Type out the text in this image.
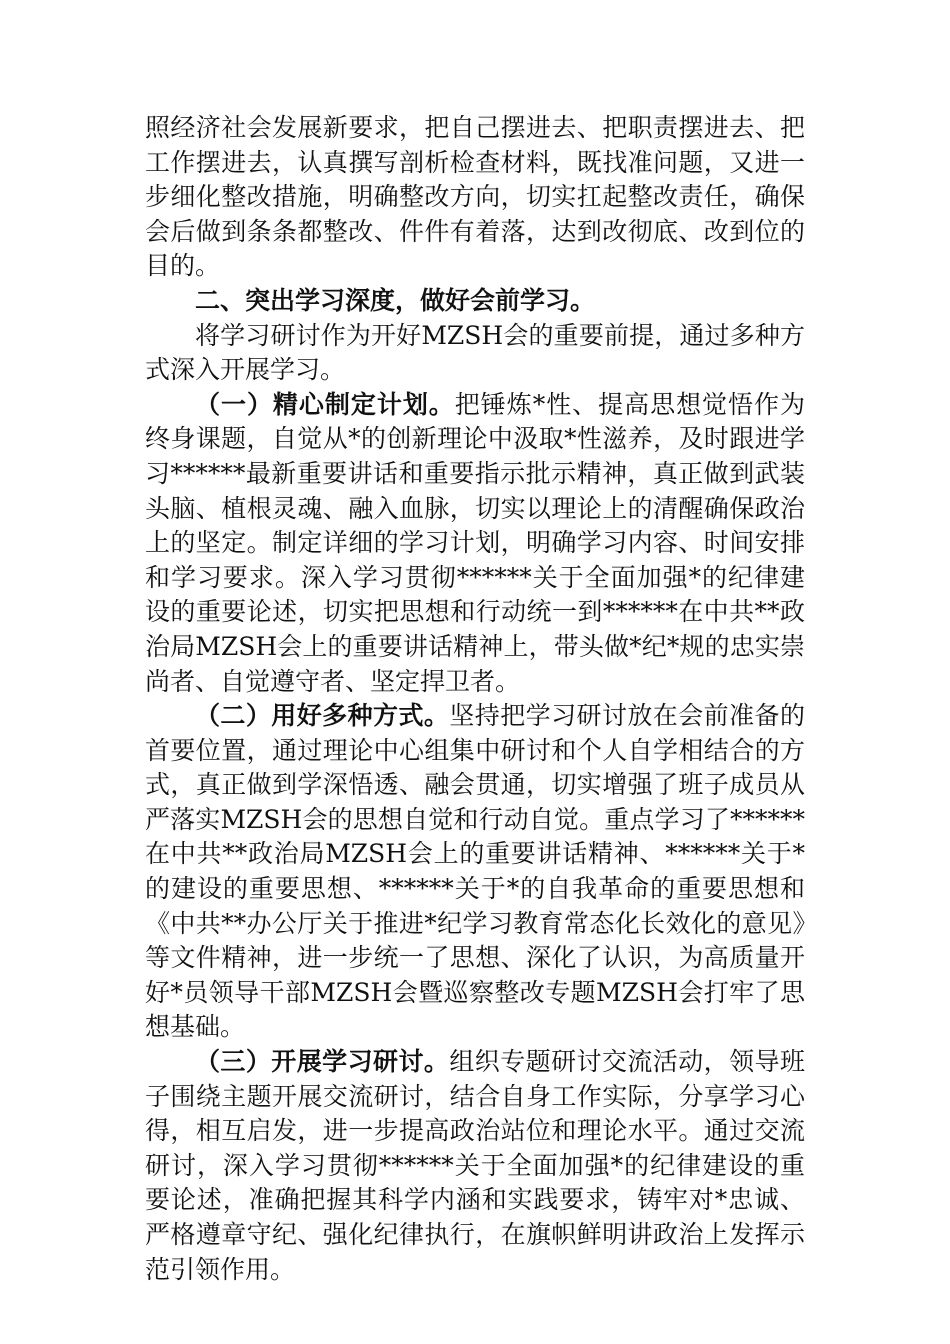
照经济社会发展新要求，把自己摆进去、把职责摆进去、把工作摆进去，认真撰写剖析检查材料，既找准问题，又进一步细化整改措施，明确整改方向，切实扛起整改责任，确保会后做到条条都整改、件件有着落，达到改彻底、改到位的目的。

二、突出学习深度，做好会前学习。

将学习研讨作为开好MZSH会的重要前提，通过多种方式深入开展学习。

（一）精心制定计划。把锤炼*性、提高思想觉悟作为终身课题，自觉从*的创新理论中汲取*性滋养，及时跟进学习******最新重要讲话和重要指示批示精神，真正做到武装头脑、植根灵魂、融入血脉，切实以理论上的清醒确保政治上的坚定。制定详细的学习计划，明确学习内容、时间安排和学习要求。深入学习贯彻******关于全面加强*的纪律建设的重要论述，切实把思想和行动统一到******在中共**政治局MZSH会上的重要讲话精神上，带头做*纪*规的忠实崇尚者、自觉遵守者、坚定捍卫者。

（二）用好多种方式。坚持把学习研讨放在会前准备的首要位置，通过理论中心组集中研讨和个人自学相结合的方式，真正做到学深悟透、融会贯通，切实增强了班子成员从严落实MZSH会的思想自觉和行动自觉。重点学习了******在中共**政治局MZSH会上的重要讲话精神、******关于*的建设的重要思想、******关于*的自我革命的重要思想和《中共**办公厅关于推进*纪学习教育常态化长效化的意见》等文件精神，进一步统一了思想、深化了认识，为高质量开好*员领导干部MZSH会暨巡察整改专题MZSH会打牢了思想基础。

（三）开展学习研讨。组织专题研讨交流活动，领导班子围绕主题开展交流研讨，结合自身工作实际，分享学习心得，相互启发，进一步提高政治站位和理论水平。通过交流研讨，深入学习贯彻******关于全面加强*的纪律建设的重要论述，准确把握其科学内涵和实践要求，铸牢对*忠诚、严格遵章守纪、强化纪律执行，在旗帜鲜明讲政治上发挥示范引领作用。
